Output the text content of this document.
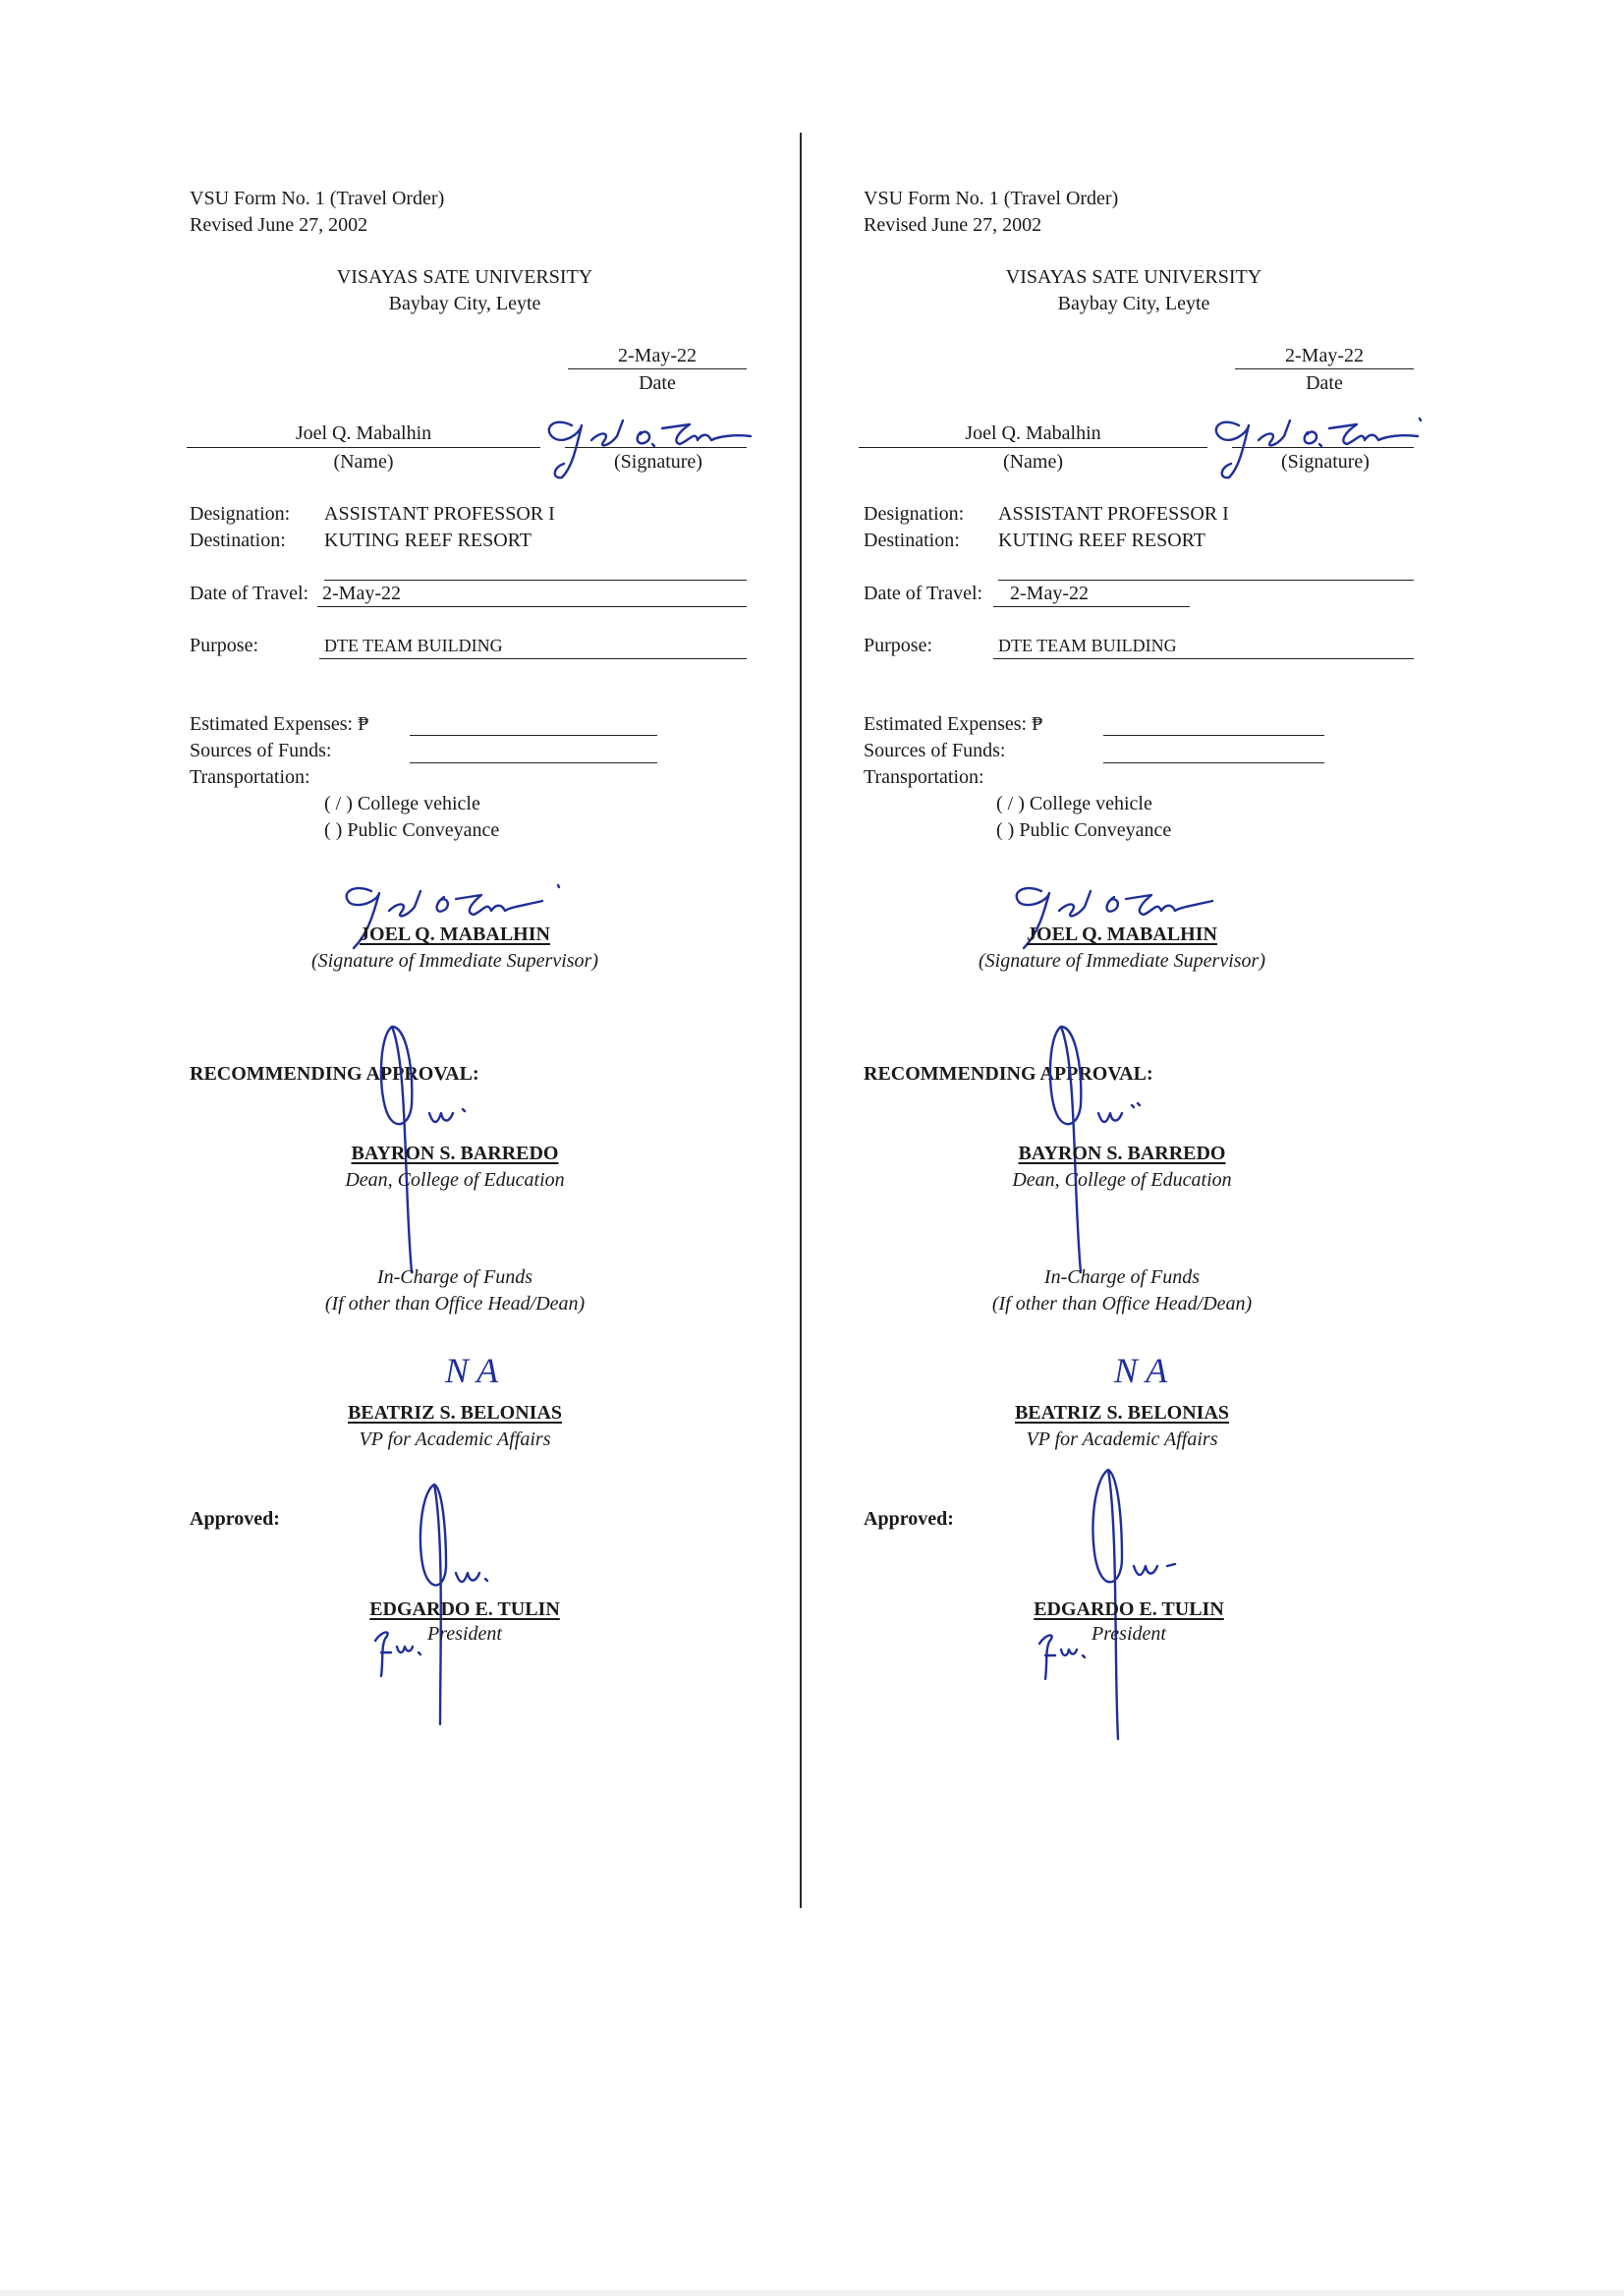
VSU Form No. 1 (Travel Order)
Revised June 27, 2002
VISAYAS SATE UNIVERSITY
Baybay City, Leyte
2-May-22
Date
Joel Q. Mabalhin
(Name)	(Signature)
Designation: ASSISTANT PROFESSOR I
Destination: KUTING REEF RESORT
Date of Travel: 2-May-22
Purpose:	DTE TEAM BUILDING
Estimated Expenses: ₱
Sources of Funds:
Transportation:
( / ) College vehicle
( ) Public Conveyance
JOEL Q. MABALHIN
(Signature of Immediate Supervisor)
RECOMMENDING APPROVAL:
BAYRON S. BARREDO
Dean, College of Education
In-Charge of Funds
(If other than Office Head/Dean)
N A
BEATRIZ S. BELONIAS
VP for Academic Affairs
Approved:
EDGARDO E. TULIN
President
VSU Form No. 1 (Travel Order)
Revised June 27, 2002
VISAYAS SATE UNIVERSITY
Baybay City, Leyte
2-May-22
Date
Joel Q. Mabalhin
(Name)	(Signature)
Designation: ASSISTANT PROFESSOR I
Destination: KUTING REEF RESORT
Date of Travel: 2-May-22
Purpose:	DTE TEAM BUILDING
Estimated Expenses: ₱
Sources of Funds:
Transportation:
( / ) College vehicle
( ) Public Conveyance
JOEL Q. MABALHIN
(Signature of Immediate Supervisor)
RECOMMENDING APPROVAL:
BAYRON S. BARREDO
Dean, College of Education
In-Charge of Funds
(If other than Office Head/Dean)
N A
BEATRIZ S. BELONIAS
VP for Academic Affairs
Approved:
EDGARDO E. TULIN
President
